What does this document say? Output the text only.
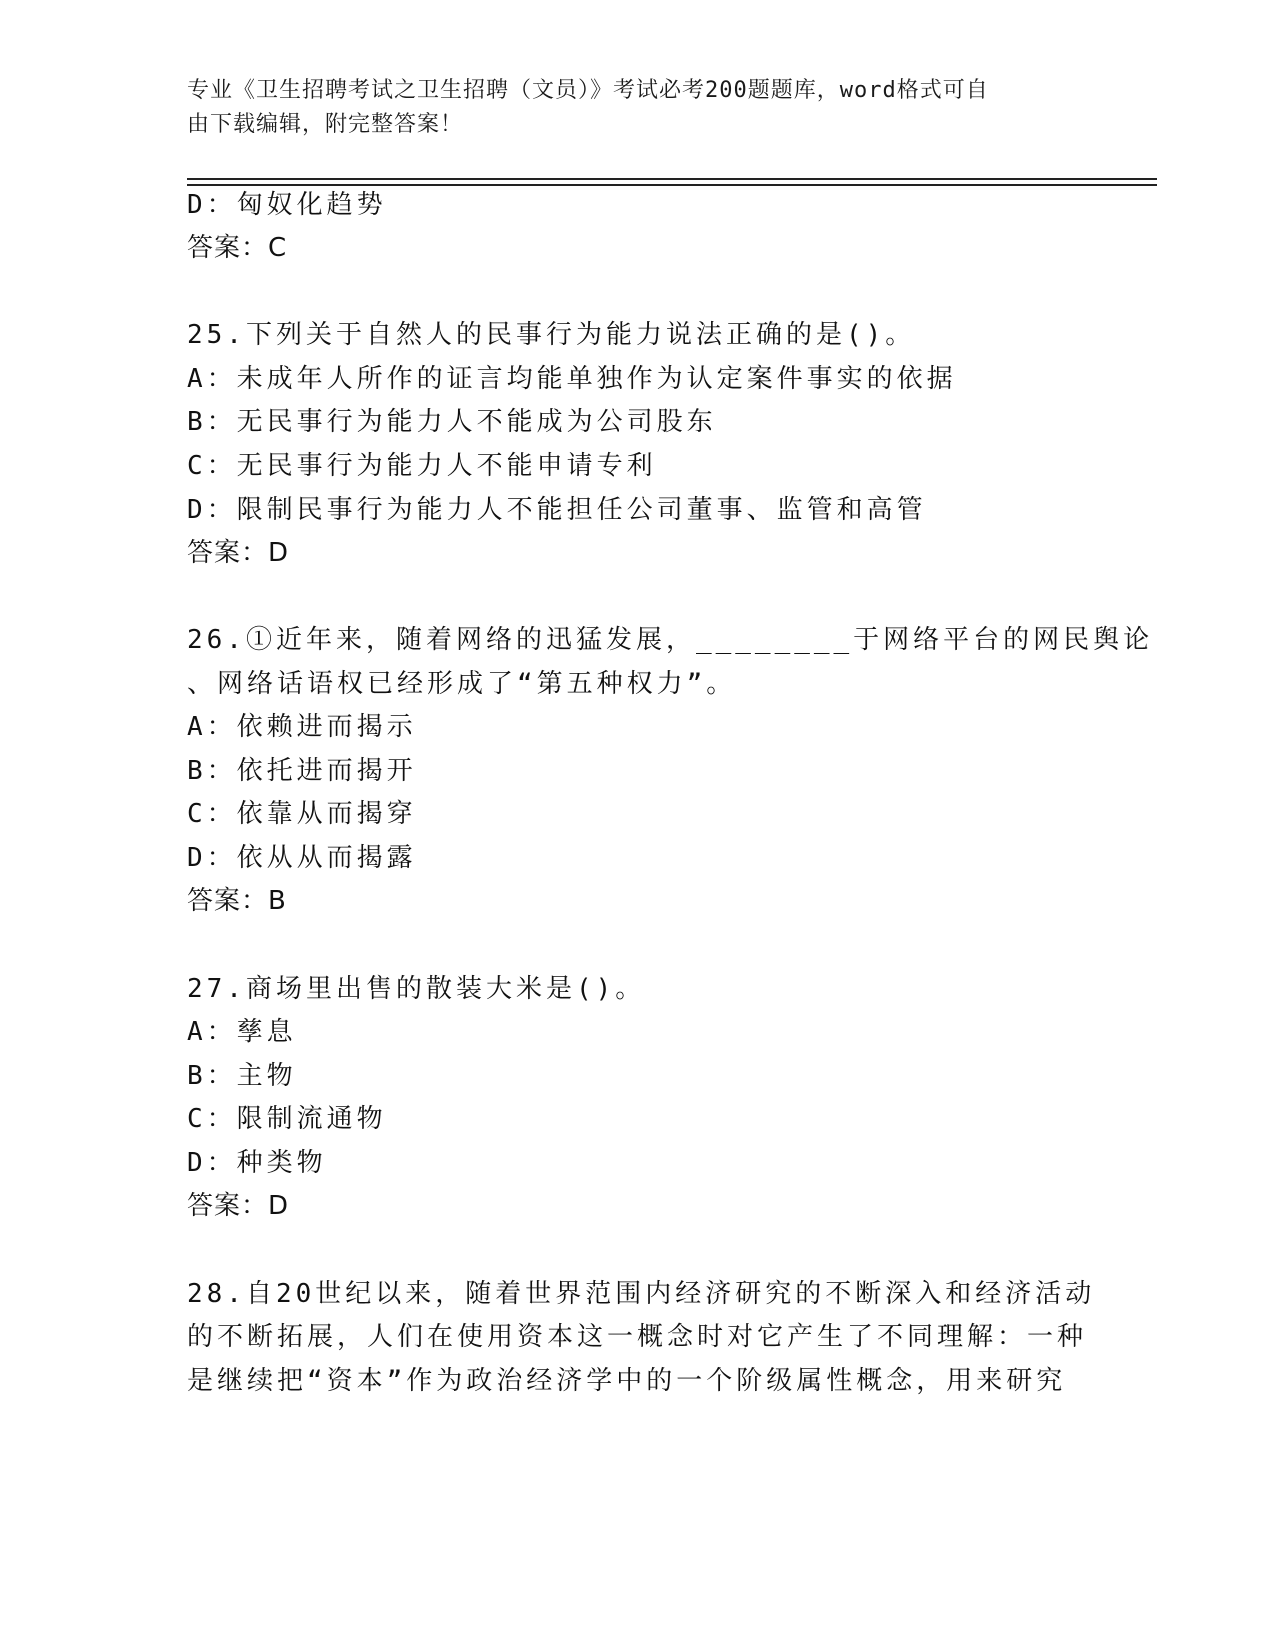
专业《卫生招聘考试之卫生招聘（文员）》考试必考200题题库，word格式可自
由下载编辑，附完整答案！
D：匈奴化趋势
答案：C
25.下列关于自然人的民事行为能力说法正确的是()。
A：未成年人所作的证言均能单独作为认定案件事实的依据
B：无民事行为能力人不能成为公司股东
C：无民事行为能力人不能申请专利
D：限制民事行为能力人不能担任公司董事、监管和高管
答案：D
26.①近年来，随着网络的迅猛发展，________于网络平台的网民舆论
、网络话语权已经形成了“第五种权力”。
A：依赖进而揭示
B：依托进而揭开
C：依靠从而揭穿
D：依从从而揭露
答案：B
27.商场里出售的散装大米是()。
A：孳息
B：主物
C：限制流通物
D：种类物
答案：D
28.自20世纪以来，随着世界范围内经济研究的不断深入和经济活动
的不断拓展，人们在使用资本这一概念时对它产生了不同理解：一种
是继续把“资本”作为政治经济学中的一个阶级属性概念，用来研究
